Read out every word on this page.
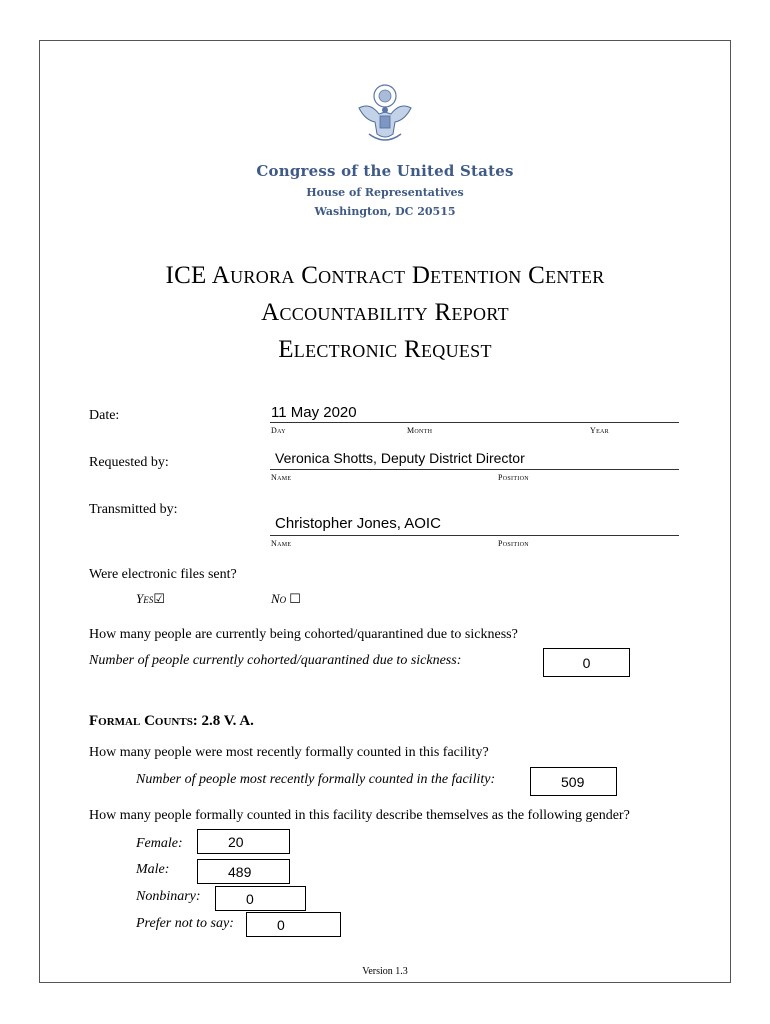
Congress of the United States
House of Representatives
Washington, DC 20515
ICE Aurora Contract Detention Center
Accountability Report
Electronic Request
Date:	11 May 2020
Day	Month	Year
Requested by:	Veronica Shotts, Deputy District Director
Name	Position
Transmitted by:
Christopher Jones, AOIC
Name	Position
Were electronic files sent?
Yes☑	No ☐
How many people are currently being cohorted/quarantined due to sickness?
Number of people currently cohorted/quarantined due to sickness:	0
Formal Counts: 2.8 V. A.
How many people were most recently formally counted in this facility?
Number of people most recently formally counted in the facility:	509
How many people formally counted in this facility describe themselves as the following gender?
Female:	20
Male:	489
Nonbinary:	0
Prefer not to say:	0
Version 1.3
